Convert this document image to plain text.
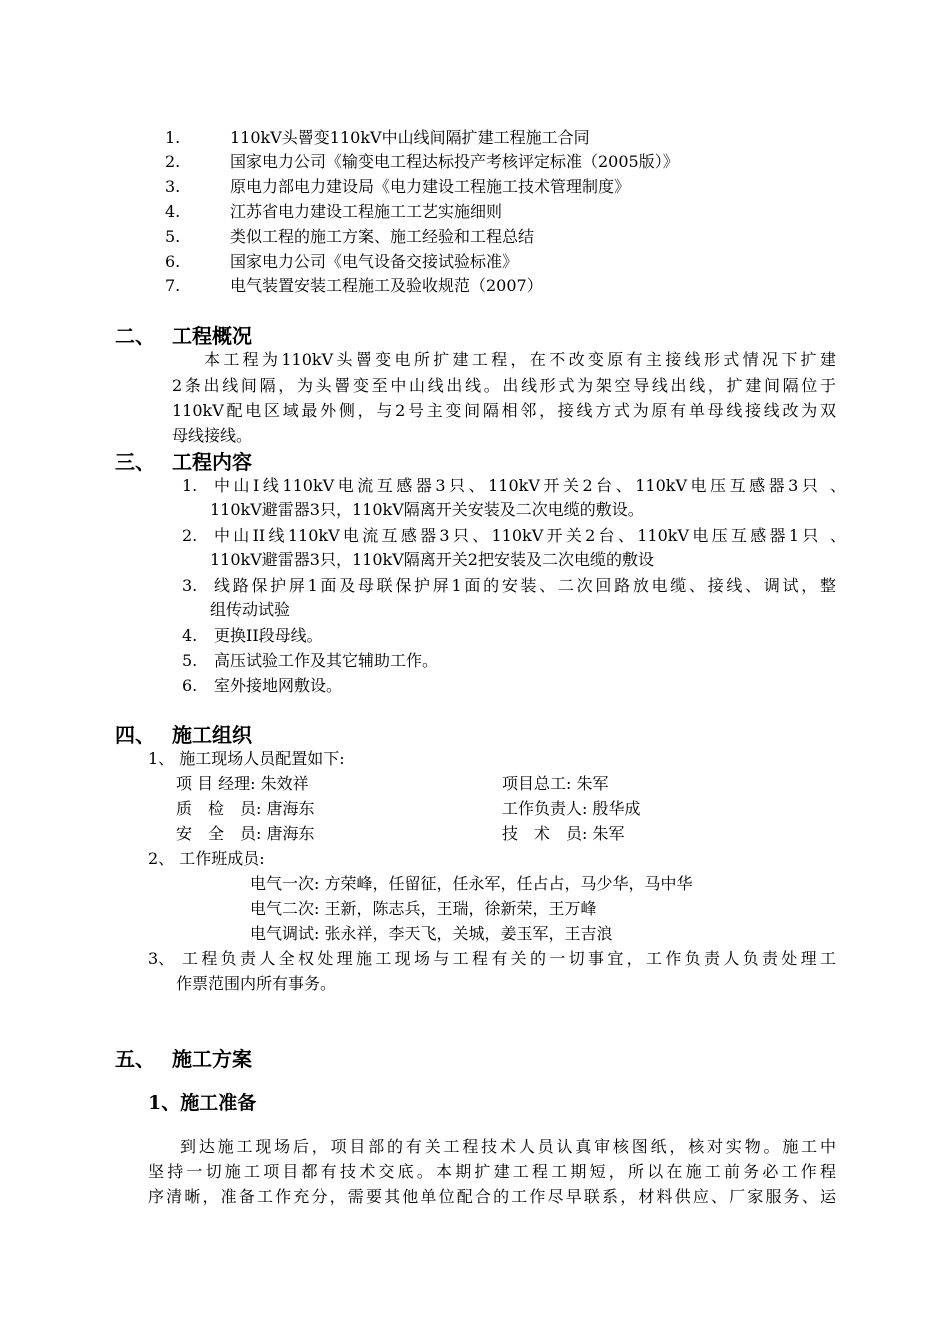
1.	110kV头罾变110kV中山线间隔扩建工程施工合同
2.	国家电力公司《输变电工程达标投产考核评定标准（2005版）》
3.	原电力部电力建设局《电力建设工程施工技术管理制度》
4.	江苏省电力建设工程施工工艺实施细则
5.	类似工程的施工方案、施工经验和工程总结
6.	国家电力公司《电气设备交接试验标准》
7.	电气装置安装工程施工及验收规范（2007）
二、 工程概况
本工程为110kV头罾变电所扩建工程，在不改变原有主接线形式情况下扩建
2条出线间隔，为头罾变至中山线出线。出线形式为架空导线出线，扩建间隔位于
110kV配电区域最外侧，与2号主变间隔相邻，接线方式为原有单母线接线改为双
母线接线。
三、 工程内容
1. 中山Ⅰ线110kV电流互感器3只、110kV开关2台、110kV电压互感器3只 、
110kV避雷器3只，110kV隔离开关安装及二次电缆的敷设。
2. 中山II线110kV电流互感器3只、110kV开关2台、110kV电压互感器1只 、
110kV避雷器3只，110kV隔离开关2把安装及二次电缆的敷设
3. 线路保护屏1面及母联保护屏1面的安装、二次回路放电缆、接线、调试，整
组传动试验
4. 更换II段母线。
5. 高压试验工作及其它辅助工作。
6. 室外接地网敷设。
四、 施工组织
1、 施工现场人员配置如下:
项 目 经理: 朱效祥	项目总工: 朱军
质　检　员: 唐海东	工作负责人: 殷华成
安　全　员: 唐海东	技　术　员: 朱军
2、 工作班成员:
电气一次: 方荣峰，任留征，任永军，任占占，马少华，马中华
电气二次: 王新，陈志兵，王瑞，徐新荣，王万峰
电气调试: 张永祥，李天飞，关城，姜玉军，王吉浪
3、 工程负责人全权处理施工现场与工程有关的一切事宜，工作负责人负责处理工
作票范围内所有事务。
五、 施工方案
1、施工准备
到达施工现场后，项目部的有关工程技术人员认真审核图纸，核对实物。施工中
坚持一切施工项目都有技术交底。本期扩建工程工期短，所以在施工前务必工作程
序清晰，准备工作充分，需要其他单位配合的工作尽早联系，材料供应、厂家服务、运
